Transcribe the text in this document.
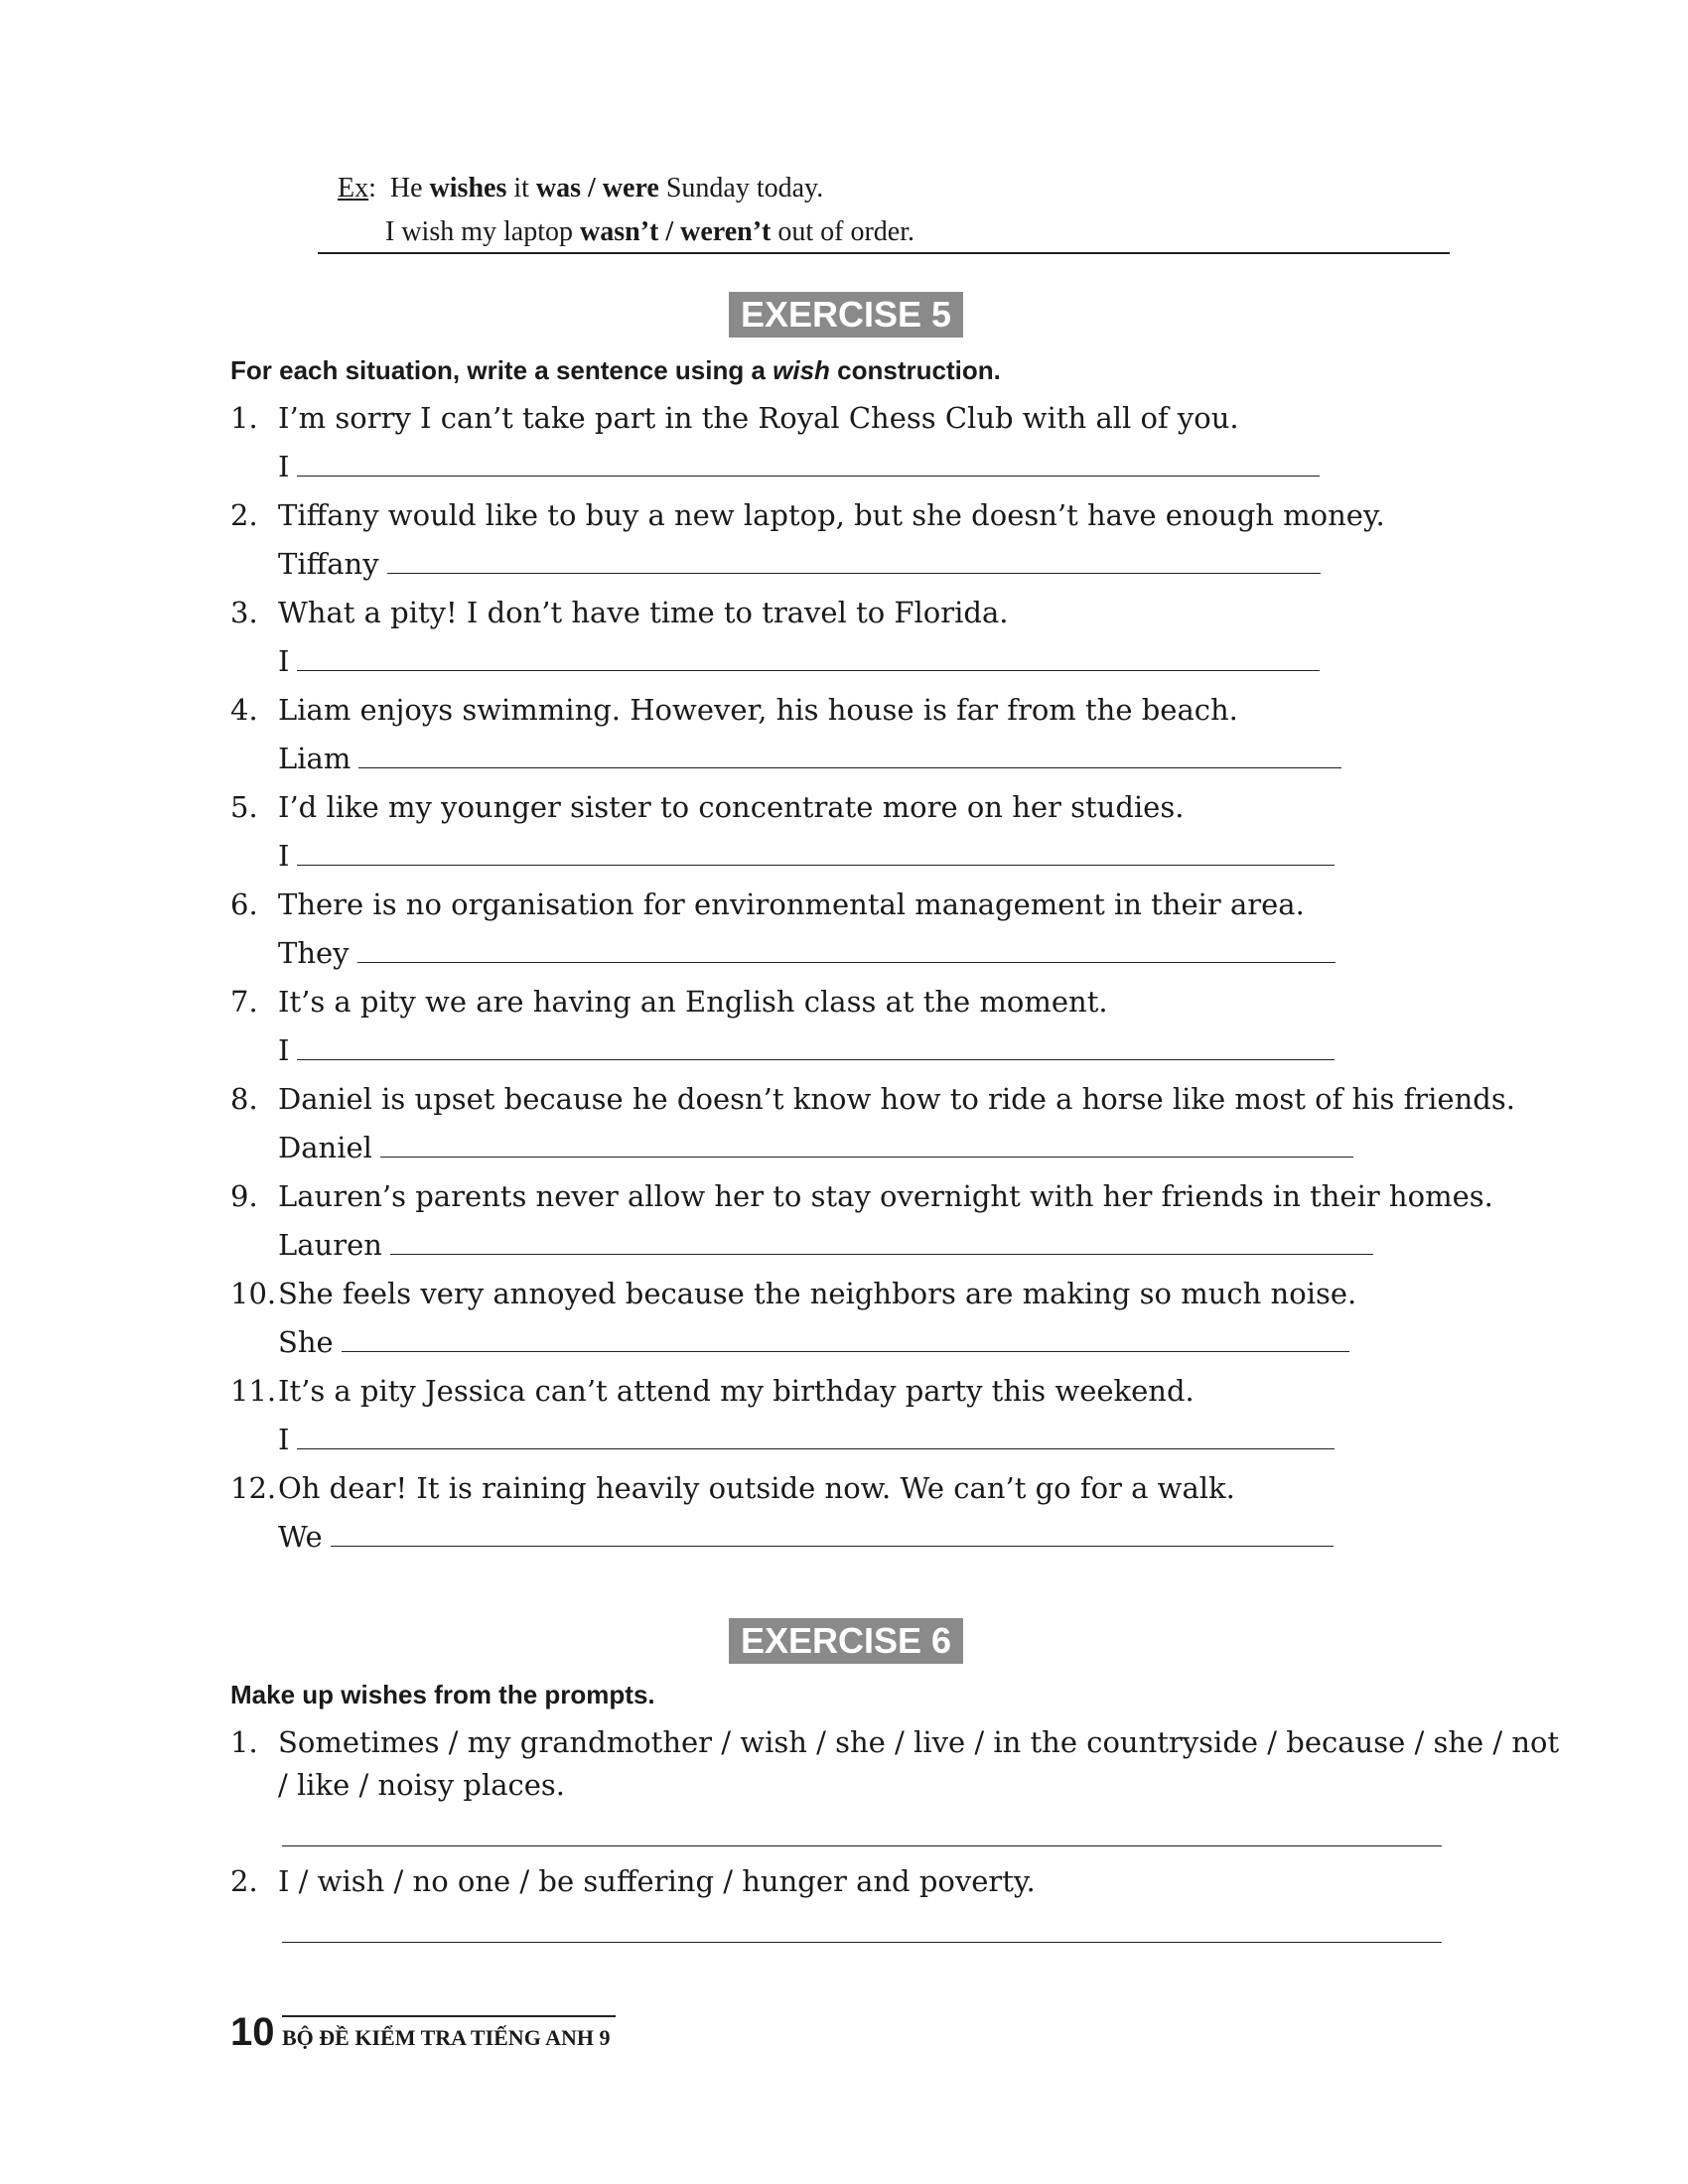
Ex:  He wishes it was / were Sunday today.
I wish my laptop wasn’t / weren’t out of order.
EXERCISE 5
For each situation, write a sentence using a wish construction.
1. I’m sorry I can’t take part in the Royal Chess Club with all of you.
I
2. Tiffany would like to buy a new laptop, but she doesn’t have enough money.
Tiffany
3. What a pity! I don’t have time to travel to Florida.
I
4. Liam enjoys swimming. However, his house is far from the beach.
Liam
5. I’d like my younger sister to concentrate more on her studies.
I
6. There is no organisation for environmental management in their area.
They
7. It’s a pity we are having an English class at the moment.
I
8. Daniel is upset because he doesn’t know how to ride a horse like most of his friends.
Daniel
9. Lauren’s parents never allow her to stay overnight with her friends in their homes.
Lauren
10.She feels very annoyed because the neighbors are making so much noise.
She
11.It’s a pity Jessica can’t attend my birthday party this weekend.
I
12.Oh dear! It is raining heavily outside now. We can’t go for a walk.
We
EXERCISE 6
Make up wishes from the prompts.
1. Sometimes / my grandmother / wish / she / live / in the countryside / because / she / not
/ like / noisy places.
2. I / wish / no one / be suffering / hunger and poverty.
10 BỘ ĐỀ KIỂM TRA TIẾNG ANH 9
